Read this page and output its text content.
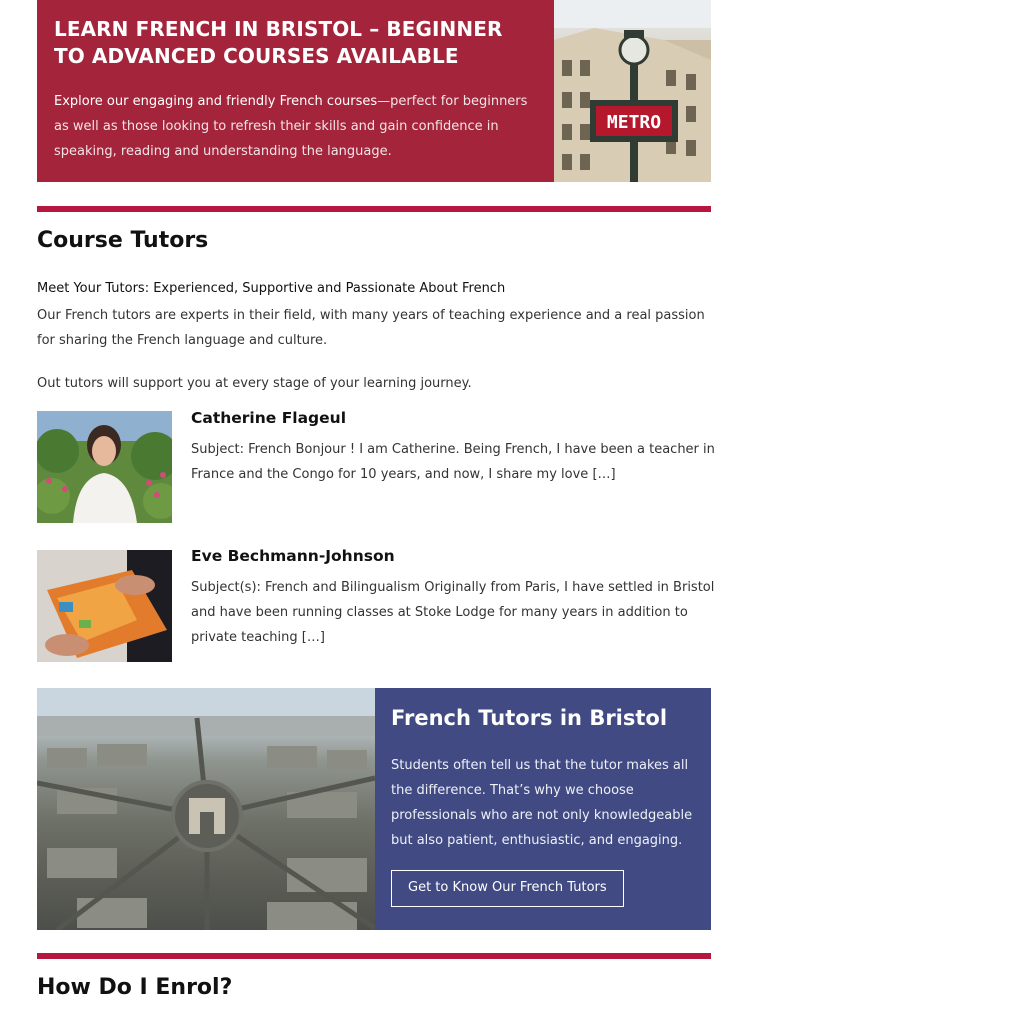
LEARN FRENCH IN BRISTOL – BEGINNER TO ADVANCED COURSES AVAILABLE

Explore our engaging and friendly French courses—perfect for beginners as well as those looking to refresh their skills and gain confidence in speaking, reading and understanding the language.

METRO
Course Tutors
Meet Your Tutors: Experienced, Supportive and Passionate About French

Our French tutors are experts in their field, with many years of teaching experience and a real passion for sharing the French language and culture.

Out tutors will support you at every stage of your learning journey.

Catherine Flageul

Subject: French Bonjour ! I am Catherine. Being French, I have been a teacher in France and the Congo for 10 years, and now, I share my love […]

Eve Bechmann-Johnson

Subject(s): French and Bilingualism Originally from Paris, I have settled in Bristol and have been running classes at Stoke Lodge for many years in addition to private teaching […]

French Tutors in Bristol

Students often tell us that the tutor makes all the difference. That’s why we choose professionals who are not only knowledgeable but also patient, enthusiastic, and engaging.

Get to Know Our French Tutors
How Do I Enrol?
